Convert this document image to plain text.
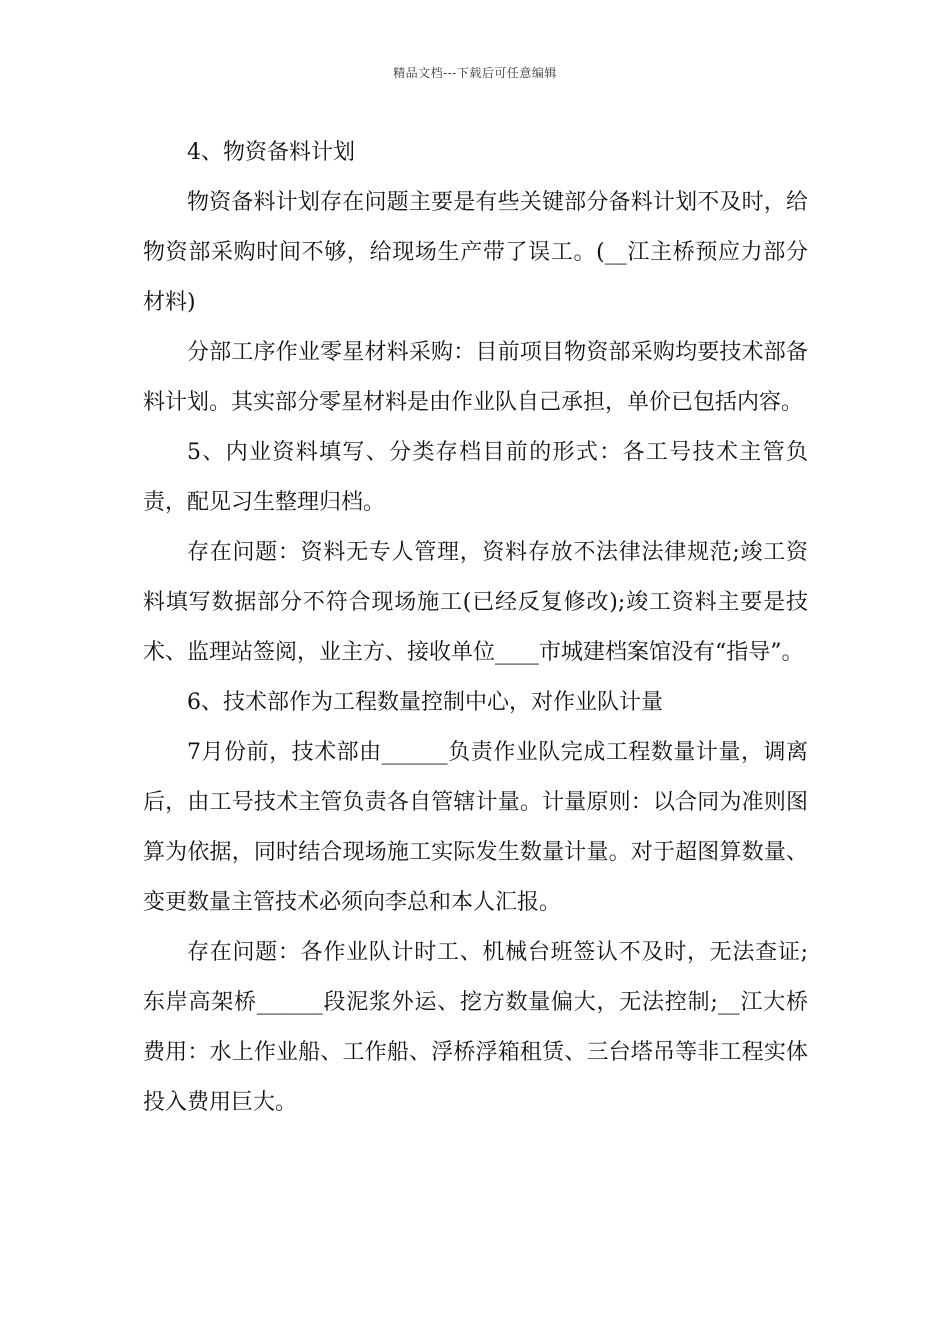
精品文档---下载后可任意编辑

4、物资备料计划

物资备料计划存在问题主要是有些关键部分备料计划不及时，给物资部采购时间不够，给现场生产带了误工。(__江主桥预应力部分材料)

分部工序作业零星材料采购：目前项目物资部采购均要技术部备料计划。其实部分零星材料是由作业队自己承担，单价已包括内容。

5、内业资料填写、分类存档目前的形式：各工号技术主管负责，配见习生整理归档。

存在问题：资料无专人管理，资料存放不法律法律规范;竣工资料填写数据部分不符合现场施工(已经反复修改);竣工资料主要是技术、监理站签阅，业主方、接收单位____市城建档案馆没有“指导”。

6、技术部作为工程数量控制中心，对作业队计量

7月份前，技术部由______负责作业队完成工程数量计量，调离后，由工号技术主管负责各自管辖计量。计量原则：以合同为准则图算为依据，同时结合现场施工实际发生数量计量。对于超图算数量、变更数量主管技术必须向李总和本人汇报。

存在问题：各作业队计时工、机械台班签认不及时，无法查证;东岸高架桥______段泥浆外运、挖方数量偏大，无法控制;__江大桥费用：水上作业船、工作船、浮桥浮箱租赁、三台塔吊等非工程实体投入费用巨大。
